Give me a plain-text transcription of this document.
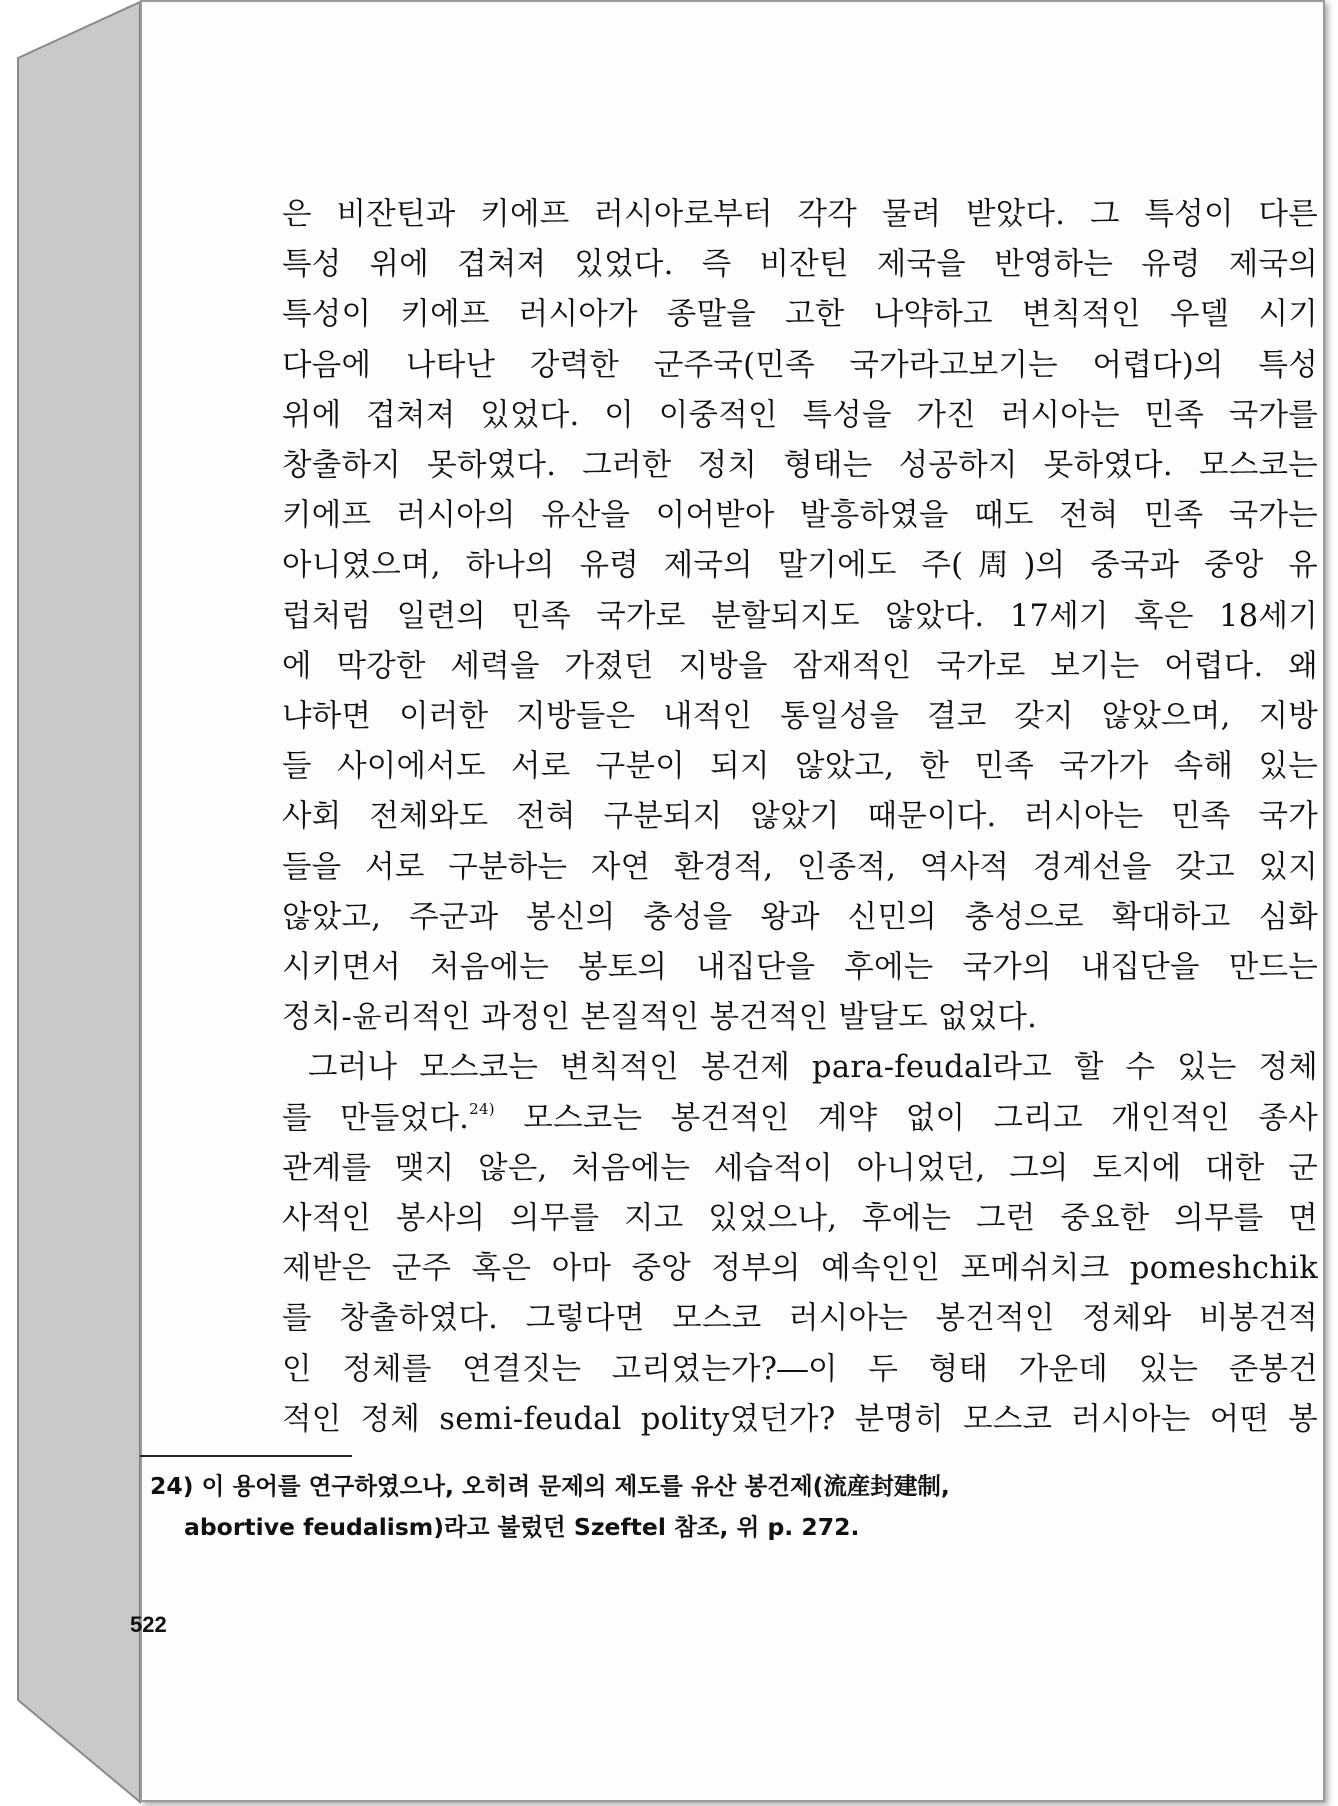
은 비잔틴과 키에프 러시아로부터 각각 물려 받았다. 그 특성이 다른
특성 위에 겹쳐져 있었다. 즉 비잔틴 제국을 반영하는 유령 제국의
특성이 키에프 러시아가 종말을 고한 나약하고 변칙적인 우델 시기
다음에 나타난 강력한 군주국(민족 국가라고보기는 어렵다)의 특성
위에 겹쳐져 있었다. 이 이중적인 특성을 가진 러시아는 민족 국가를
창출하지 못하였다. 그러한 정치 형태는 성공하지 못하였다. 모스코는
키에프 러시아의 유산을 이어받아 발흥하였을 때도 전혀 민족 국가는
아니였으며, 하나의 유령 제국의 말기에도 주(周)의 중국과 중앙 유
럽처럼 일련의 민족 국가로 분할되지도 않았다. 17세기 혹은 18세기
에 막강한 세력을 가졌던 지방을 잠재적인 국가로 보기는 어렵다. 왜
냐하면 이러한 지방들은 내적인 통일성을 결코 갖지 않았으며, 지방
들 사이에서도 서로 구분이 되지 않았고, 한 민족 국가가 속해 있는
사회 전체와도 전혀 구분되지 않았기 때문이다. 러시아는 민족 국가
들을 서로 구분하는 자연 환경적, 인종적, 역사적 경계선을 갖고 있지
않았고, 주군과 봉신의 충성을 왕과 신민의 충성으로 확대하고 심화
시키면서 처음에는 봉토의 내집단을 후에는 국가의 내집단을 만드는
정치-윤리적인 과정인 본질적인 봉건적인 발달도 없었다.

그러나 모스코는 변칙적인 봉건제 para-feudal라고 할 수 있는 정체
를 만들었다.$^{24)}$ 모스코는 봉건적인 계약 없이 그리고 개인적인 종사
관계를 맺지 않은, 처음에는 세습적이 아니었던, 그의 토지에 대한 군
사적인 봉사의 의무를 지고 있었으나, 후에는 그런 중요한 의무를 면
제받은 군주 혹은 아마 중앙 정부의 예속인인 포메쉬치크 pomeshchik
를 창출하였다. 그렇다면 모스코 러시아는 봉건적인 정체와 비봉건적
인 정체를 연결짓는 고리였는가?―이 두 형태 가운데 있는 준봉건
적인 정체 semi-feudal polity였던가? 분명히 모스코 러시아는 어떤 봉

24) 이 용어를 연구하였으나, 오히려 문제의 제도를 유산 봉건제(流産封建制,
abortive feudalism)라고 불렀던 Szeftel 참조, 위 p. 272.
522
